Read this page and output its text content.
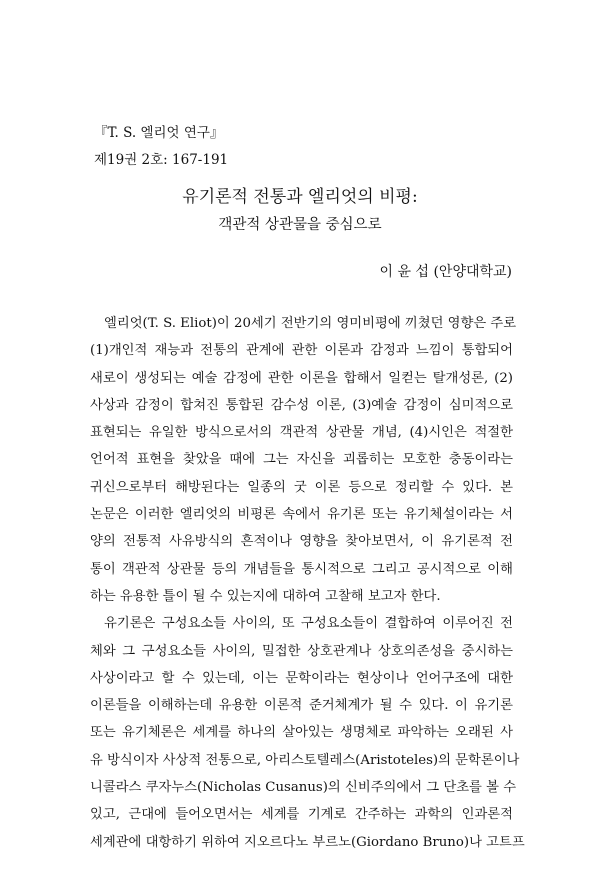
『T. S. 엘리엇 연구』
제19권 2호: 167-191
유기론적 전통과 엘리엇의 비평:
객관적 상관물을 중심으로
이 윤 섭 (안양대학교)
엘리엇(T. S. Eliot)이 20세기 전반기의 영미비평에 끼쳤던 영향은 주로
(1)개인적 재능과 전통의 관계에 관한 이론과 감정과 느낌이 통합되어
새로이 생성되는 예술 감정에 관한 이론을 합해서 일컫는 탈개성론, (2)
사상과 감정이 합쳐진 통합된 감수성 이론, (3)예술 감정이 심미적으로
표현되는 유일한 방식으로서의 객관적 상관물 개념, (4)시인은 적절한
언어적 표현을 찾았을 때에 그는 자신을 괴롭히는 모호한 충동이라는
귀신으로부터 해방된다는 일종의 굿 이론 등으로 정리할 수 있다. 본
논문은 이러한 엘리엇의 비평론 속에서 유기론 또는 유기체설이라는 서
양의 전통적 사유방식의 흔적이나 영향을 찾아보면서, 이 유기론적 전
통이 객관적 상관물 등의 개념들을 통시적으로 그리고 공시적으로 이해
하는 유용한 틀이 될 수 있는지에 대하여 고찰해 보고자 한다.
유기론은 구성요소들 사이의, 또 구성요소들이 결합하여 이루어진 전
체와 그 구성요소들 사이의, 밀접한 상호관계나 상호의존성을 중시하는
사상이라고 할 수 있는데, 이는 문학이라는 현상이나 언어구조에 대한
이론들을 이해하는데 유용한 이론적 준거체계가 될 수 있다. 이 유기론
또는 유기체론은 세계를 하나의 살아있는 생명체로 파악하는 오래된 사
유 방식이자 사상적 전통으로, 아리스토텔레스(Aristoteles)의 문학론이나
니콜라스 쿠자누스(Nicholas Cusanus)의 신비주의에서 그 단초를 볼 수
있고, 근대에 들어오면서는 세계를 기계로 간주하는 과학의 인과론적
세계관에 대항하기 위하여 지오르다노 부르노(Giordano Bruno)나 고트프
